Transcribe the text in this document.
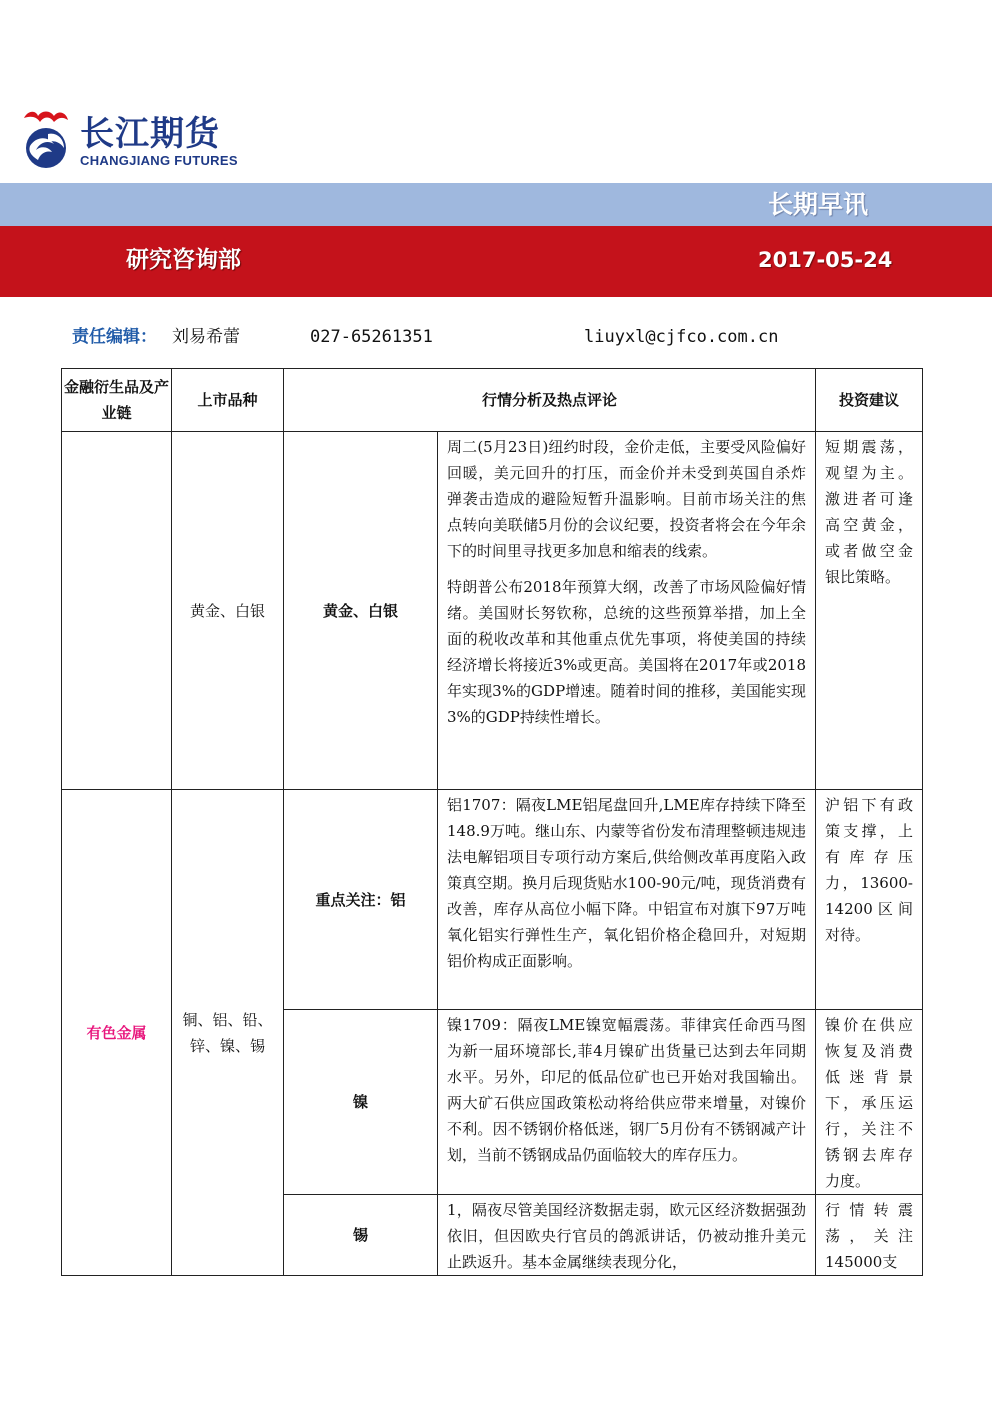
长江期货
CHANGJIANG FUTURES
长期早讯
研究咨询部	2017-05-24
责任编辑： 刘易希蕾	027-65261351	liuyxl@cjfco.com.cn
金融衍生品及产业链	上市品种	行情分析及热点评论		投资建议
	黄金、白银	黄金、白银	周二(5月23日)纽约时段，金价走低，主要受风险偏好回暖，美元回升的打压，而金价并未受到英国自杀炸弹袭击造成的避险短暂升温影响。目前市场关注的焦点转向美联储5月份的会议纪要，投资者将会在今年余下的时间里寻找更多加息和缩表的线索。

特朗普公布2018年预算大纲，改善了市场风险偏好情绪。美国财长努钦称，总统的这些预算举措，加上全面的税收改革和其他重点优先事项，将使美国的持续经济增长将接近3%或更高。美国将在2017年或2018年实现3%的GDP增速。随着时间的推移，美国能实现3%的GDP持续性增长。	短期震荡，观望为主。激进者可逢高空黄金，或者做空金银比策略。
有色金属	铜、铝、铅、锌、镍、锡	重点关注：铝	铝1707：隔夜LME铝尾盘回升,LME库存持续下降至148.9万吨。继山东、内蒙等省份发布清理整顿违规违法电解铝项目专项行动方案后,供给侧改革再度陷入政策真空期。换月后现货贴水100-90元/吨，现货消费有改善，库存从高位小幅下降。中铝宣布对旗下97万吨氧化铝实行弹性生产，氧化铝价格企稳回升，对短期铝价构成正面影响。	沪铝下有政策支撑，上有库存压力，13600-14200区间对待。
		镍	镍1709：隔夜LME镍宽幅震荡。菲律宾任命西马图为新一届环境部长,菲4月镍矿出货量已达到去年同期水平。另外，印尼的低品位矿也已开始对我国输出。两大矿石供应国政策松动将给供应带来增量，对镍价不利。因不锈钢价格低迷，钢厂5月份有不锈钢减产计划，当前不锈钢成品仍面临较大的库存压力。	镍价在供应恢复及消费低迷背景下，承压运行，关注不锈钢去库存力度。
		锡	1，隔夜尽管美国经济数据走弱，欧元区经济数据强劲依旧，但因欧央行官员的鸽派讲话，仍被动推升美元止跌返升。基本金属继续表现分化，	行情转震荡，关注145000支
